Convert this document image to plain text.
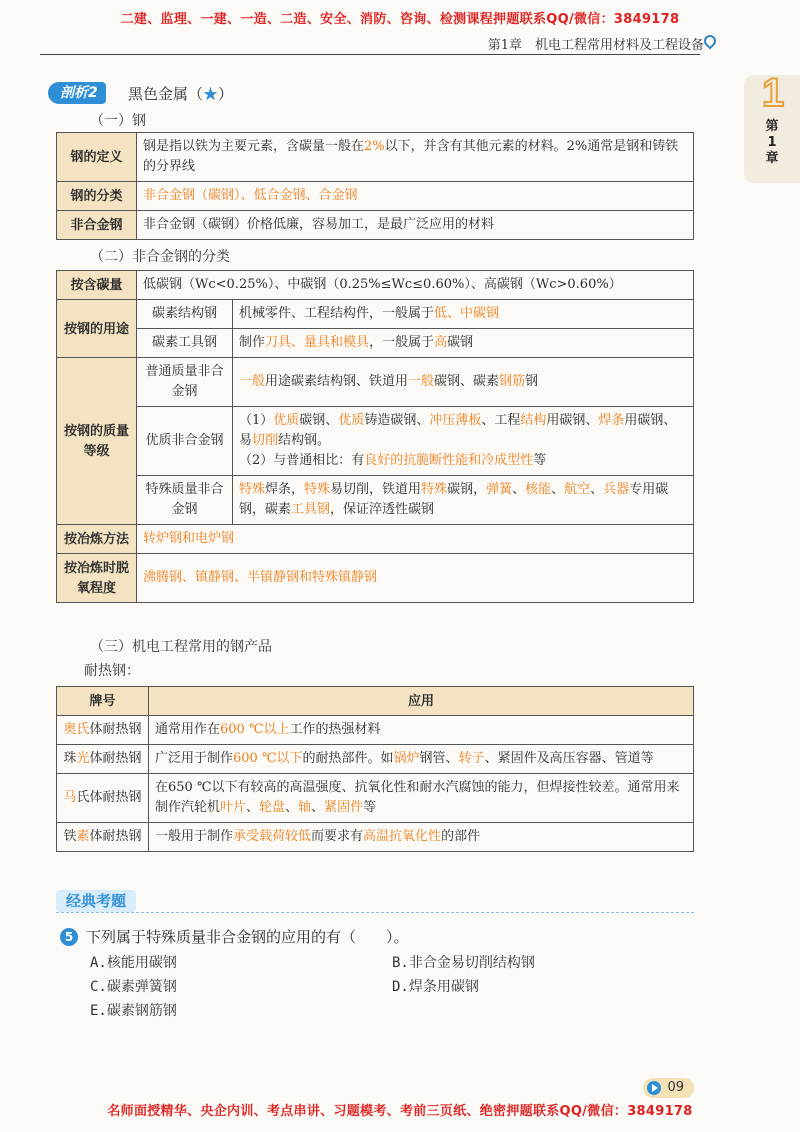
二建、监理、一建、一造、二造、安全、消防、咨询、检测课程押题联系QQ/微信：3849178
第1章　机电工程常用材料及工程设备
1
第
1
章
剖析2	黑色金属（★）
（一）钢
钢的定义	钢是指以铁为主要元素，含碳量一般在2%以下，并含有其他元素的材料。2%通常是钢和铸铁的分界线
钢的分类	非合金钢（碳钢）、低合金钢、合金钢
非合金钢	非合金钢（碳钢）价格低廉，容易加工，是最广泛应用的材料
（二）非合金钢的分类
按含碳量	低碳钢（Wc<0.25%）、中碳钢（0.25%≤Wc≤0.60%）、高碳钢（Wc>0.60%）	
按钢的用途	碳素结构钢	机械零件、工程结构件，一般属于低、中碳钢
	碳素工具钢	制作刀具、量具和模具，一般属于高碳钢
按钢的质量等级	普通质量非合金钢	一般用途碳素结构钢、铁道用一般碳钢、碳素钢筋钢
	优质非合金钢	（1）优质碳钢、优质铸造碳钢、冲压薄板、工程结构用碳钢、焊条用碳钢、易切削结构钢。
（2）与普通相比：有良好的抗脆断性能和冷成型性等

	特殊质量非合金钢	特殊焊条，特殊易切削，铁道用特殊碳钢，弹簧、核能、航空、兵器专用碳钢，碳素工具钢，保证淬透性碳钢
按冶炼方法	转炉钢和电炉钢	
按冶炼时脱氧程度	沸腾钢、镇静钢、半镇静钢和特殊镇静钢	
（三）机电工程常用的钢产品
耐热钢：
牌号	应用
奥氏体耐热钢	通常用作在600 ℃以上工作的热强材料
珠光体耐热钢	广泛用于制作600 ℃以下的耐热部件。如锅炉钢管、转子、紧固件及高压容器、管道等
马氏体耐热钢	在650 ℃以下有较高的高温强度、抗氧化性和耐水汽腐蚀的能力，但焊接性较差。通常用来制作汽轮机叶片、轮盘、轴、紧固件等
铁素体耐热钢	一般用于制作承受载荷较低而要求有高温抗氧化性的部件
经典考题
5 下列属于特殊质量非合金钢的应用的有（　　）。
A.核能用碳钢	B.非合金易切削结构钢
C.碳素弹簧钢	D.焊条用碳钢
E.碳素钢筋钢
09
名师面授精华、央企内训、考点串讲、习题模考、考前三页纸、绝密押题联系QQ/微信：3849178
